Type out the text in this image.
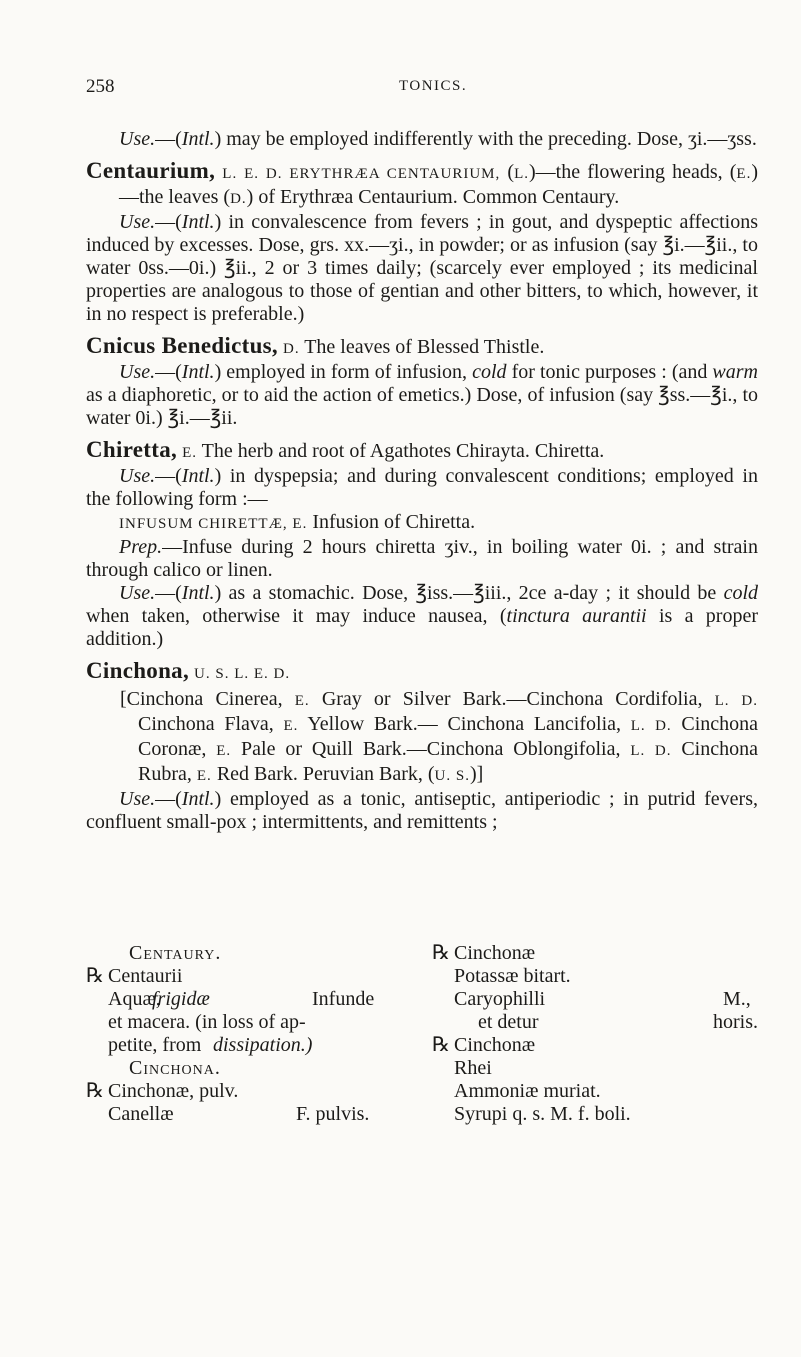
258	TONICS.

Use.—(Intl.) may be employed indifferently with the preceding. Dose, ʒi.—ʒss.

Centaurium, L. E. D. ERYTHRÆA CENTAURIUM, (L.)—the flowering heads, (E.)—the leaves (D.) of Erythræa Centaurium. Common Centaury.

Use.—(Intl.) in convalescence from fevers ; in gout, and dyspeptic affections induced by excesses. Dose, grs. xx.—ʒi., in powder; or as infusion (say ℥i.—℥ii., to water 0ss.—0i.) ℥ii., 2 or 3 times daily; (scarcely ever employed ; its medicinal properties are analogous to those of gentian and other bitters, to which, however, it in no respect is preferable.)

Cnicus Benedictus, D. The leaves of Blessed Thistle.

Use.—(Intl.) employed in form of infusion, cold for tonic purposes : (and warm as a diaphoretic, or to aid the action of emetics.) Dose, of infusion (say ℥ss.—℥i., to water 0i.) ℥i.—℥ii.

Chiretta, E. The herb and root of Agathotes Chirayta. Chiretta.

Use.—(Intl.) in dyspepsia; and during convalescent conditions; employed in the following form :—

INFUSUM CHIRETTÆ, E. Infusion of Chiretta.

Prep.—Infuse during 2 hours chiretta ʒiv., in boiling water 0i. ; and strain through calico or linen.

Use.—(Intl.) as a stomachic. Dose, ℥iss.—℥iii., 2ce a-day ; it should be cold when taken, otherwise it may induce nausea, (tinctura aurantii is a proper addition.)

Cinchona, U. S. L. E. D.

[Cinchona Cinerea, E. Gray or Silver Bark.—Cinchona Cordifolia, L. D. Cinchona Flava, E. Yellow Bark.— Cinchona Lancifolia, L. D. Cinchona Coronæ, E. Pale or Quill Bark.—Cinchona Oblongifolia, L. D. Cinchona Rubra, E. Red Bark. Peruvian Bark, (U. S.)]

Use.—(Intl.) employed as a tonic, antiseptic, antiperiodic ; in putrid fevers, confluent small-pox ; intermittents, and remittents ;

Centaury.
℞ Centaurii
Aquæ,
frigidæ	Infunde
et macera. (in loss of ap-
petite, from dissipation.)
Cinchona.
℞ Cinchonæ, pulv.
Canellæ	F. pulvis.
℞ Cinchonæ
Potassæ bitart.
Caryophilli	M.,
et detur	horis.
℞ Cinchonæ
Rhei
Ammoniæ muriat.
Syrupi q. s. M. f. boli.
